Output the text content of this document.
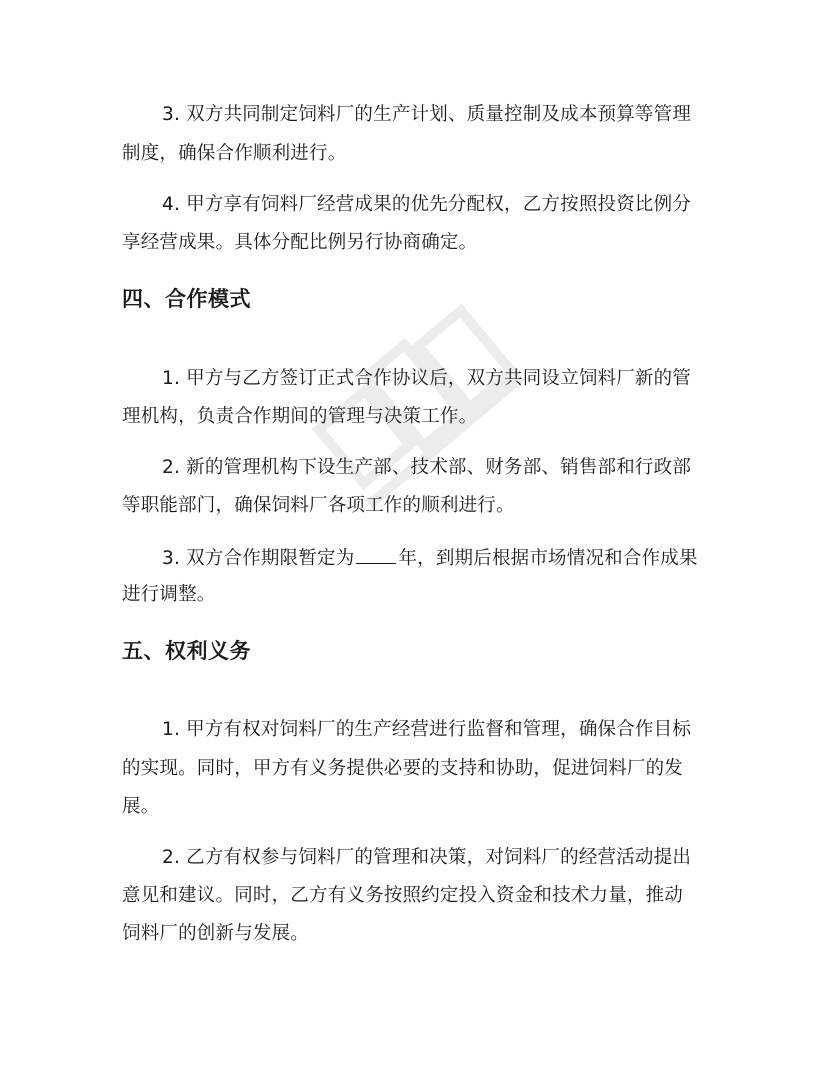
3. 双方共同制定饲料厂的生产计划、质量控制及成本预算等管理
制度，确保合作顺利进行。
4. 甲方享有饲料厂经营成果的优先分配权，乙方按照投资比例分
享经营成果。具体分配比例另行协商确定。
四、合作模式
1. 甲方与乙方签订正式合作协议后，双方共同设立饲料厂新的管
理机构，负责合作期间的管理与决策工作。
2. 新的管理机构下设生产部、技术部、财务部、销售部和行政部
等职能部门，确保饲料厂各项工作的顺利进行。
3. 双方合作期限暂定为 年，到期后根据市场情况和合作成果
进行调整。
五、权利义务
1. 甲方有权对饲料厂的生产经营进行监督和管理，确保合作目标
的实现。同时，甲方有义务提供必要的支持和协助，促进饲料厂的发
展。
2. 乙方有权参与饲料厂的管理和决策，对饲料厂的经营活动提出
意见和建议。同时，乙方有义务按照约定投入资金和技术力量，推动
饲料厂的创新与发展。
